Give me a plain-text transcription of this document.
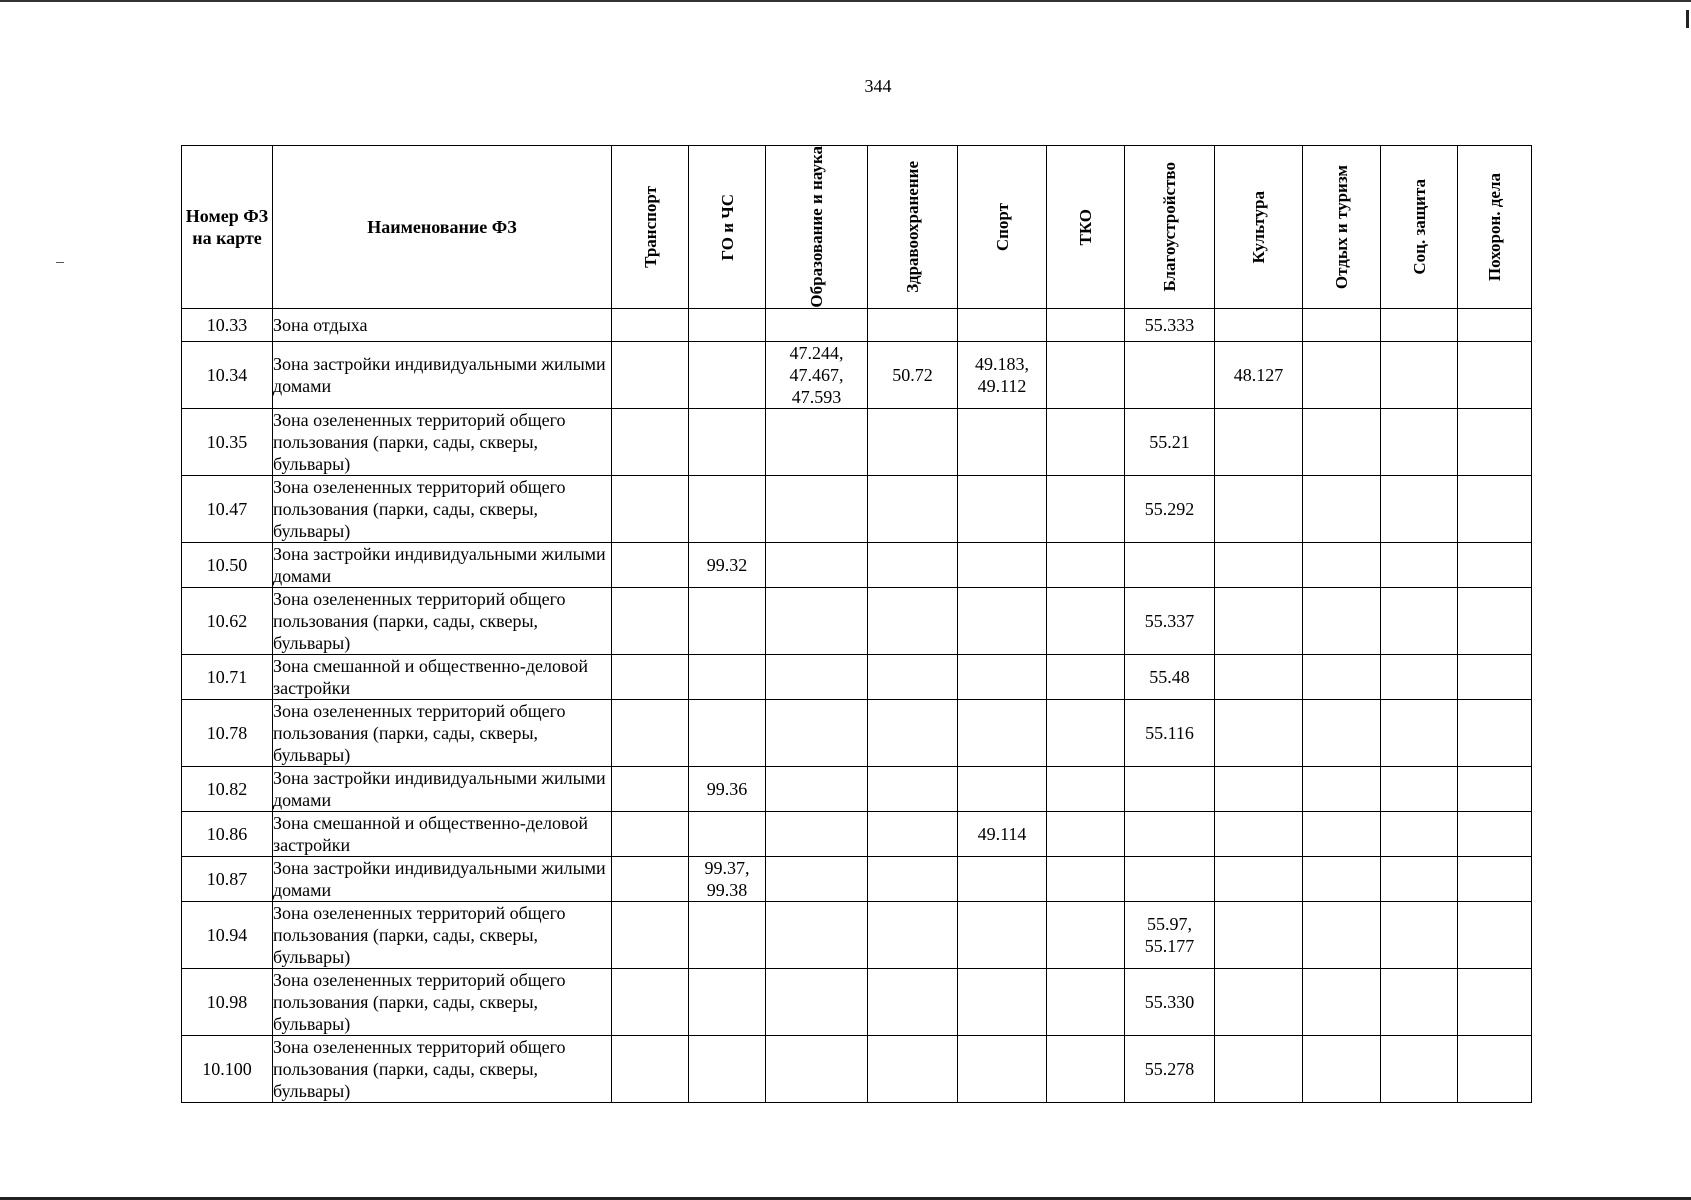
344
Номер ФЗ на карте	Наименование ФЗ	Транспорт	ГО и ЧС	Образование и наука	Здравоохранение	Спорт	ТКО	Благоустройство	Культура	Отдых и туризм	Соц. защита	Похорон. дела

10.33	Зона отдыха							55.333				
10.34	Зона застройки индивидуальными жилыми домами			47.244, 47.467, 47.593	50.72	49.183, 49.112			48.127			
10.35	Зона озелененных территорий общего пользования (парки, сады, скверы, бульвары)							55.21				
10.47	Зона озелененных территорий общего пользования (парки, сады, скверы, бульвары)							55.292				
10.50	Зона застройки индивидуальными жилыми домами		99.32									
10.62	Зона озелененных территорий общего пользования (парки, сады, скверы, бульвары)							55.337				
10.71	Зона смешанной и общественно-деловой застройки							55.48				
10.78	Зона озелененных территорий общего пользования (парки, сады, скверы, бульвары)							55.116				
10.82	Зона застройки индивидуальными жилыми домами		99.36									
10.86	Зона смешанной и общественно-деловой застройки					49.114						
10.87	Зона застройки индивидуальными жилыми домами		99.37, 99.38									
10.94	Зона озелененных территорий общего пользования (парки, сады, скверы, бульвары)							55.97, 55.177				
10.98	Зона озелененных территорий общего пользования (парки, сады, скверы, бульвары)							55.330				
10.100	Зона озелененных территорий общего пользования (парки, сады, скверы, бульвары)							55.278				
